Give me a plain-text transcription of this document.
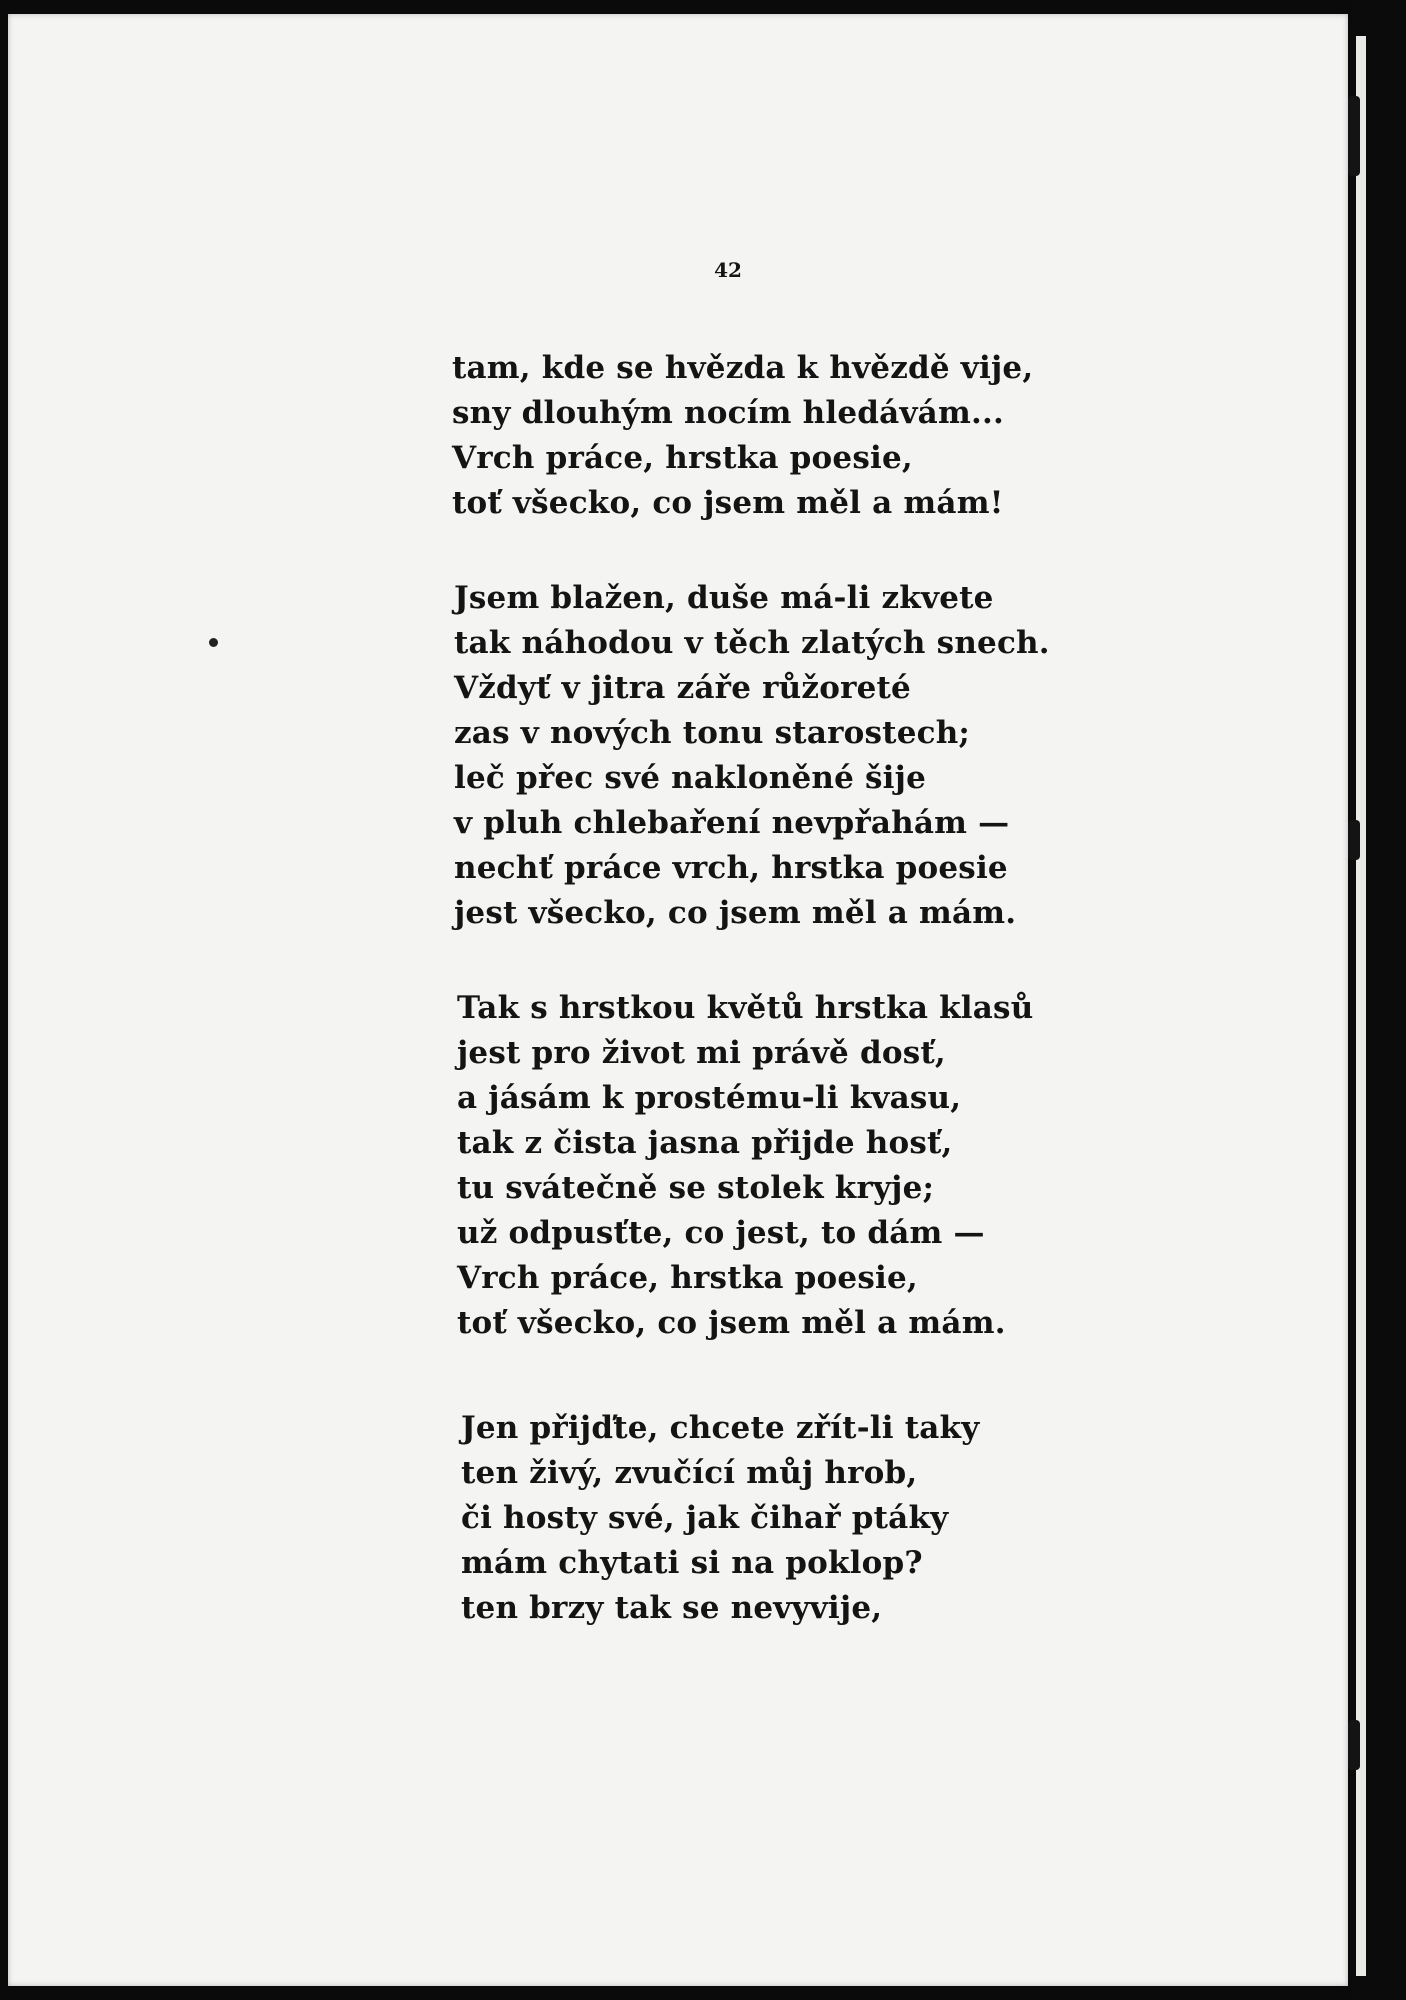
42
tam, kde se hvězda k hvězdě vije,
sny dlouhým nocím hledávám...
Vrch práce, hrstka poesie,
toť všecko, co jsem měl a mám!
Jsem blažen, duše má-li zkvete
tak náhodou v těch zlatých snech.
Vždyť v jitra záře růžoreté
zas v nových tonu starostech;
leč přec své nakloněné šije
v pluh chlebaření nevpřahám —
nechť práce vrch, hrstka poesie
jest všecko, co jsem měl a mám.
Tak s hrstkou květů hrstka klasů
jest pro život mi právě dosť,
a jásám k prostému-li kvasu,
tak z čista jasna přijde hosť,
tu svátečně se stolek kryje;
už odpusťte, co jest, to dám —
Vrch práce, hrstka poesie,
toť všecko, co jsem měl a mám.
Jen přijďte, chcete zřít-li taky
ten živý, zvučící můj hrob,
či hosty své, jak čihař ptáky
mám chytati si na poklop?
ten brzy tak se nevyvije,
